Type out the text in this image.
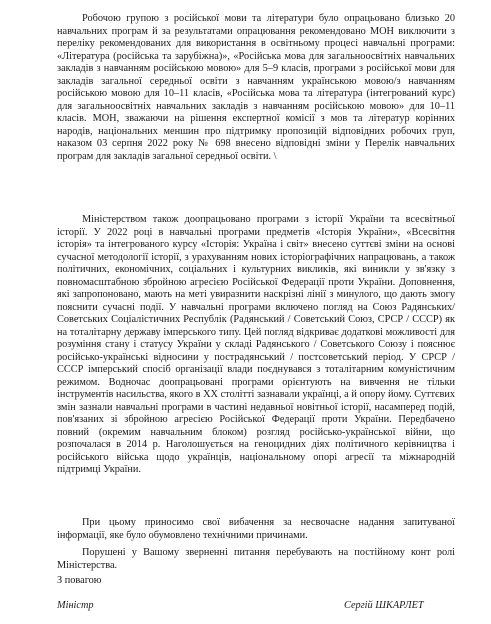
Робочою групою з російської мови та літератури було опрацьовано близько 20 навчальних програм й за результатами опрацювання рекомендовано МОН виключити з переліку рекомендованих для використання в освітньому процесі навчальні програми: «Література (російська та зарубіжна)», «Російська мова для загальноосвітніх навчальних закладів з навчанням російською мовою» для 5–9 класів, програми з російської мови для закладів загальної середньої освіти з навчанням українською мовою/з навчанням російською мовою для 10–11 класів, «Російська мова та література (інтегрований курс) для загальноосвітніх навчальних закладів з навчанням російською мовою» для 10–11 класів. МОН, зважаючи на рішення експертної комісії з мов та літератур корінних народів, національних меншин про підтримку пропозицій відповідних робочих груп, наказом 03 серпня 2022 року № 698 внесено відповідні зміни у Перелік навчальних програм для закладів загальної середньої освіти. \

Міністерством також доопрацьовано програми з історії України та всесвітньої історії. У 2022 році в навчальні програми предметів «Історія України», «Всесвітня історія» та інтегрованого курсу «Історія: Україна і світ» внесено суттєві зміни на основі сучасної методології історії, з урахуванням нових історіографічних напрацювань, а також політичних, економічних, соціальних і культурних викликів, які виникли у зв'язку з повномасштабною збройною агресією Російської Федерації проти України. Доповнення, які запропоновано, мають на меті увиразнити наскрізні лінії з минулого, що дають змогу пояснити сучасні події. У навчальні програми включено погляд на Союз Радянських/ Советських Соціалістичних Республік (Радянський / Советський Союз, СРСР / СССР) як на тоталітарну державу імперського типу. Цей погляд відкриває додаткові можливості для розуміння стану і статусу України у складі Радянського / Советського Союзу і пояснює російсько-українські відносини у пострадянський / постсоветський період. У СРСР / СССР імперський спосіб організації влади поєднувався з тоталітарним комуністичним режимом. Водночас доопрацьовані програми орієнтують на вивчення не тільки інструментів насильства, якого в ХХ столітті зазнавали українці, а й опору йому. Суттєвих змін зазнали навчальні програми в частині недавньої новітньої історії, насамперед подій, пов'язаних зі збройною агресією Російської Федерації проти України. Передбачено повний (окремим навчальним блоком) розгляд російсько-української війни, що розпочалася в 2014 р. Наголошується на геноцидних діях політичного керівництва і російського війська щодо українців, національному опорі агресії та міжнародній підтримці України.

При цьому приносимо свої вибачення за несвочасне надання запитуваної інформації, яке було обумовлено технічними причинами.

Порушені у Вашому зверненні питання перебувають на постійному конт ролі Міністерства.

З повагою

Міністр	Сергій ШКАРЛЕТ
